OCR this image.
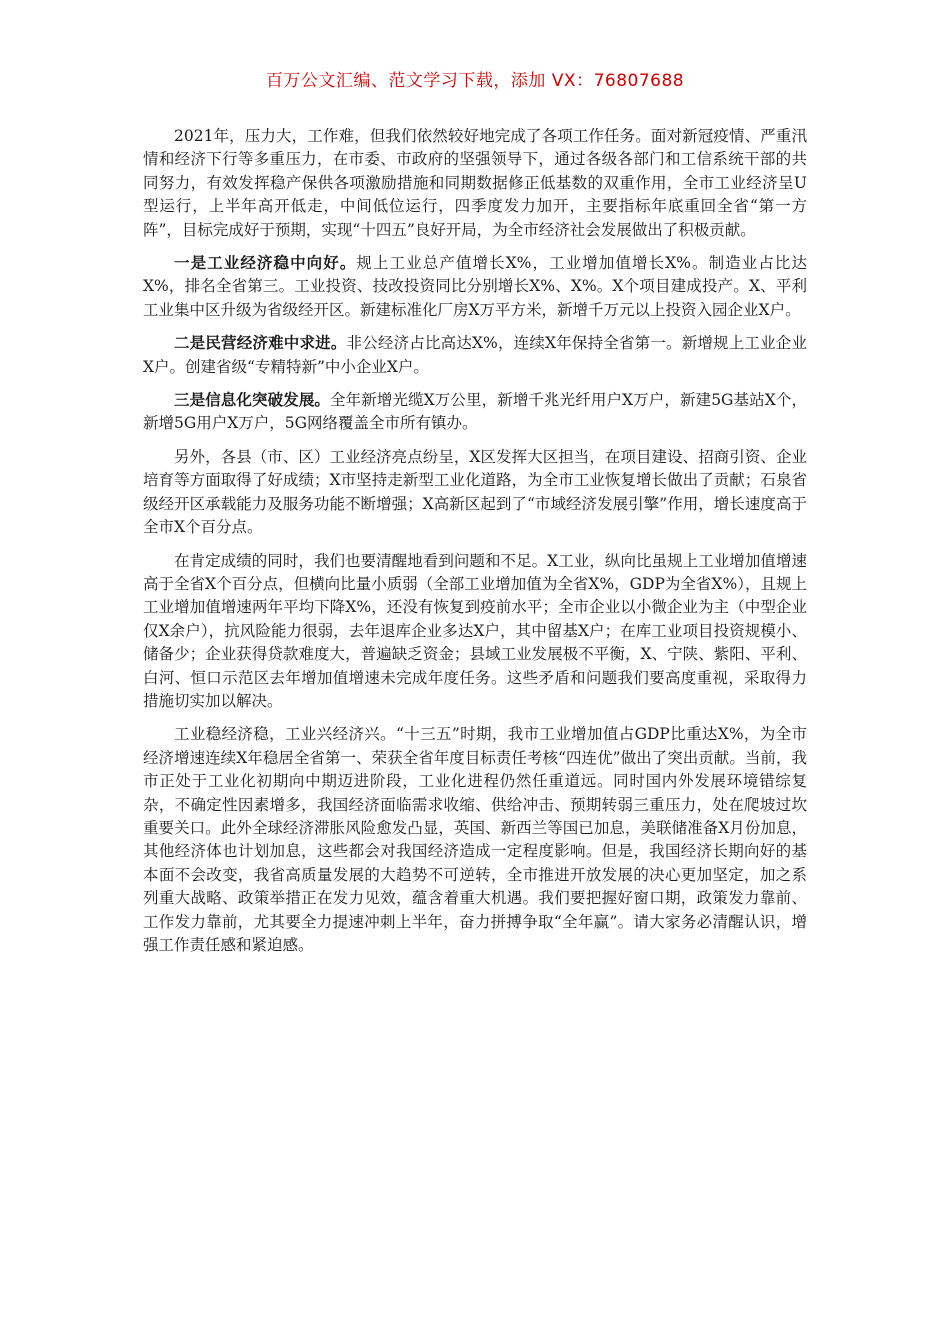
百万公文汇编、范文学习下载，添加 VX：76807688

2021年，压力大，工作难，但我们依然较好地完成了各项工作任务。面对新冠疫情、严重汛情和经济下行等多重压力，在市委、市政府的坚强领导下，通过各级各部门和工信系统干部的共同努力，有效发挥稳产保供各项激励措施和同期数据修正低基数的双重作用，全市工业经济呈U型运行，上半年高开低走，中间低位运行，四季度发力加开，主要指标年底重回全省“第一方阵”，目标完成好于预期，实现“十四五”良好开局，为全市经济社会发展做出了积极贡献。

一是工业经济稳中向好。规上工业总产值增长X%，工业增加值增长X%。制造业占比达X%，排名全省第三。工业投资、技改投资同比分别增长X%、X%。X个项目建成投产。X、平利工业集中区升级为省级经开区。新建标准化厂房X万平方米，新增千万元以上投资入园企业X户。

二是民营经济难中求进。非公经济占比高达X%，连续X年保持全省第一。新增规上工业企业X户。创建省级“专精特新”中小企业X户。

三是信息化突破发展。全年新增光缆X万公里，新增千兆光纤用户X万户，新建5G基站X个，新增5G用户X万户，5G网络覆盖全市所有镇办。

另外，各县（市、区）工业经济亮点纷呈，X区发挥大区担当，在项目建设、招商引资、企业培育等方面取得了好成绩；X市坚持走新型工业化道路，为全市工业恢复增长做出了贡献；石泉省级经开区承载能力及服务功能不断增强；X高新区起到了“市域经济发展引擎”作用，增长速度高于全市X个百分点。

在肯定成绩的同时，我们也要清醒地看到问题和不足。X工业，纵向比虽规上工业增加值增速高于全省X个百分点，但横向比量小质弱（全部工业增加值为全省X%，GDP为全省X%），且规上工业增加值增速两年平均下降X%，还没有恢复到疫前水平；全市企业以小微企业为主（中型企业仅X余户），抗风险能力很弱，去年退库企业多达X户，其中留基X户；在库工业项目投资规模小、储备少；企业获得贷款难度大，普遍缺乏资金；县域工业发展极不平衡，X、宁陕、紫阳、平利、白河、恒口示范区去年增加值增速未完成年度任务。这些矛盾和问题我们要高度重视，采取得力措施切实加以解决。

工业稳经济稳，工业兴经济兴。“十三五”时期，我市工业增加值占GDP比重达X%，为全市经济增速连续X年稳居全省第一、荣获全省年度目标责任考核“四连优”做出了突出贡献。当前，我市正处于工业化初期向中期迈进阶段，工业化进程仍然任重道远。同时国内外发展环境错综复杂，不确定性因素增多，我国经济面临需求收缩、供给冲击、预期转弱三重压力，处在爬坡过坎重要关口。此外全球经济滞胀风险愈发凸显，英国、新西兰等国已加息，美联储准备X月份加息，其他经济体也计划加息，这些都会对我国经济造成一定程度影响。但是，我国经济长期向好的基本面不会改变，我省高质量发展的大趋势不可逆转，全市推进开放发展的决心更加坚定，加之系列重大战略、政策举措正在发力见效，蕴含着重大机遇。我们要把握好窗口期，政策发力靠前、工作发力靠前，尤其要全力提速冲刺上半年，奋力拼搏争取“全年赢”。请大家务必清醒认识，增强工作责任感和紧迫感。
